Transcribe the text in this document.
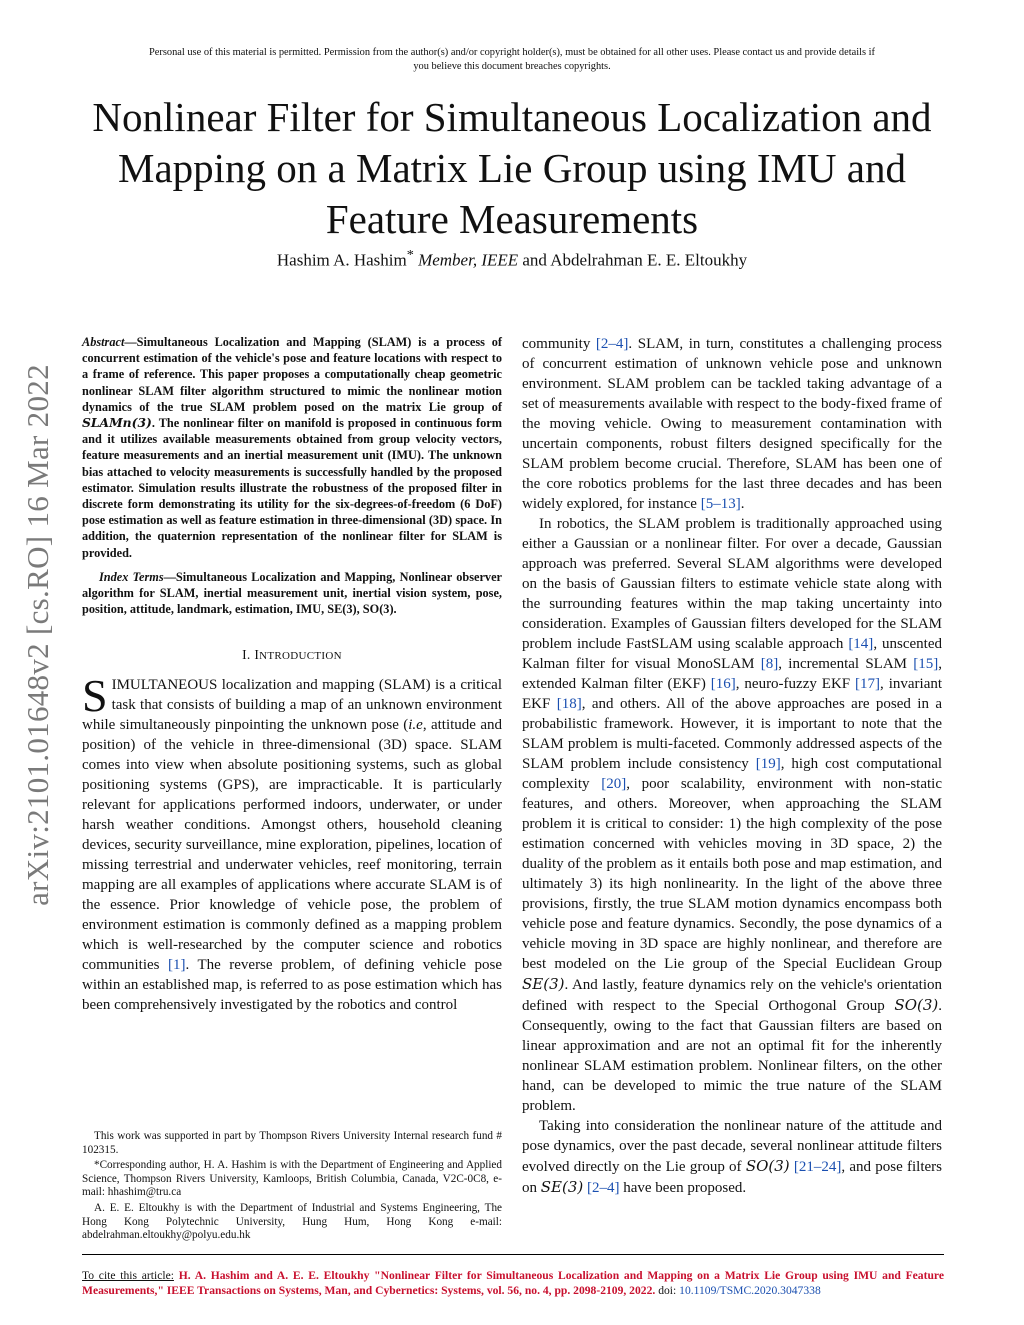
Personal use of this material is permitted. Permission from the author(s) and/or copyright holder(s), must be obtained for all other uses. Please contact us and provide details if
you believe this document breaches copyrights.
Nonlinear Filter for Simultaneous Localization and
Mapping on a Matrix Lie Group using IMU and
Feature Measurements
Hashim A. Hashim* Member, IEEE and Abdelrahman E. E. Eltoukhy
arXiv:2101.01648v2 [cs.RO] 16 Mar 2022

Abstract—Simultaneous Localization and Mapping (SLAM) is a process of concurrent estimation of the vehicle's pose and feature locations with respect to a frame of reference. This paper proposes a computationally cheap geometric nonlinear SLAM filter algorithm structured to mimic the nonlinear motion dynamics of the true SLAM problem posed on the matrix Lie group of SLAMn(3). The nonlinear filter on manifold is proposed in continuous form and it utilizes available measurements obtained from group velocity vectors, feature measurements and an inertial measurement unit (IMU). The unknown bias attached to velocity measurements is successfully handled by the proposed estimator. Simulation results illustrate the robustness of the proposed filter in discrete form demonstrating its utility for the six-degrees-of-freedom (6 DoF) pose estimation as well as feature estimation in three-dimensional (3D) space. In addition, the quaternion representation of the nonlinear filter for SLAM is provided.

Index Terms—Simultaneous Localization and Mapping, Nonlinear observer algorithm for SLAM, inertial measurement unit, inertial vision system, pose, position, attitude, landmark, estimation, IMU, SE(3), SO(3).

I. INTRODUCTION

SIMULTANEOUS localization and mapping (SLAM) is a critical task that consists of building a map of an unknown environment while simultaneously pinpointing the unknown pose (i.e, attitude and position) of the vehicle in three-dimensional (3D) space. SLAM comes into view when absolute positioning systems, such as global positioning systems (GPS), are impracticable. It is particularly relevant for applications performed indoors, underwater, or under harsh weather conditions. Amongst others, household cleaning devices, security surveillance, mine exploration, pipelines, location of missing terrestrial and underwater vehicles, reef monitoring, terrain mapping are all examples of applications where accurate SLAM is of the essence. Prior knowledge of vehicle pose, the problem of environment estimation is commonly defined as a mapping problem which is well-researched by the computer science and robotics communities [1]. The reverse problem, of defining vehicle pose within an established map, is referred to as pose estimation which has been comprehensively investigated by the robotics and control

community [2–4]. SLAM, in turn, constitutes a challenging process of concurrent estimation of unknown vehicle pose and unknown environment. SLAM problem can be tackled taking advantage of a set of measurements available with respect to the body-fixed frame of the moving vehicle. Owing to measurement contamination with uncertain components, robust filters designed specifically for the SLAM problem become crucial. Therefore, SLAM has been one of the core robotics problems for the last three decades and has been widely explored, for instance [5–13].

In robotics, the SLAM problem is traditionally approached using either a Gaussian or a nonlinear filter. For over a decade, Gaussian approach was preferred. Several SLAM algorithms were developed on the basis of Gaussian filters to estimate vehicle state along with the surrounding features within the map taking uncertainty into consideration. Examples of Gaussian filters developed for the SLAM problem include FastSLAM using scalable approach [14], unscented Kalman filter for visual MonoSLAM [8], incremental SLAM [15], extended Kalman filter (EKF) [16], neuro-fuzzy EKF [17], invariant EKF [18], and others. All of the above approaches are posed in a probabilistic framework. However, it is important to note that the SLAM problem is multi-faceted. Commonly addressed aspects of the SLAM problem include consistency [19], high cost computational complexity [20], poor scalability, environment with non-static features, and others. Moreover, when approaching the SLAM problem it is critical to consider: 1) the high complexity of the pose estimation concerned with vehicles moving in 3D space, 2) the duality of the problem as it entails both pose and map estimation, and ultimately 3) its high nonlinearity. In the light of the above three provisions, firstly, the true SLAM motion dynamics encompass both vehicle pose and feature dynamics. Secondly, the pose dynamics of a vehicle moving in 3D space are highly nonlinear, and therefore are best modeled on the Lie group of the Special Euclidean Group SE(3). And lastly, feature dynamics rely on the vehicle's orientation defined with respect to the Special Orthogonal Group SO(3). Consequently, owing to the fact that Gaussian filters are based on linear approximation and are not an optimal fit for the inherently nonlinear SLAM estimation problem. Nonlinear filters, on the other hand, can be developed to mimic the true nature of the SLAM problem.

Taking into consideration the nonlinear nature of the attitude and pose dynamics, over the past decade, several nonlinear attitude filters evolved directly on the Lie group of SO(3) [21–24], and pose filters on SE(3) [2–4] have been proposed.

This work was supported in part by Thompson Rivers University Internal research fund # 102315.

*Corresponding author, H. A. Hashim is with the Department of Engineering and Applied Science, Thompson Rivers University, Kamloops, British Columbia, Canada, V2C-0C8, e-mail: hhashim@tru.ca

A. E. E. Eltoukhy is with the Department of Industrial and Systems Engineering, The Hong Kong Polytechnic University, Hung Hum, Hong Kong e-mail: abdelrahman.eltoukhy@polyu.edu.hk

To cite this article: H. A. Hashim and A. E. E. Eltoukhy "Nonlinear Filter for Simultaneous Localization and Mapping on a Matrix Lie Group using IMU and Feature Measurements," IEEE Transactions on Systems, Man, and Cybernetics: Systems, vol. 56, no. 4, pp. 2098-2109, 2022. doi: 10.1109/TSMC.2020.3047338
